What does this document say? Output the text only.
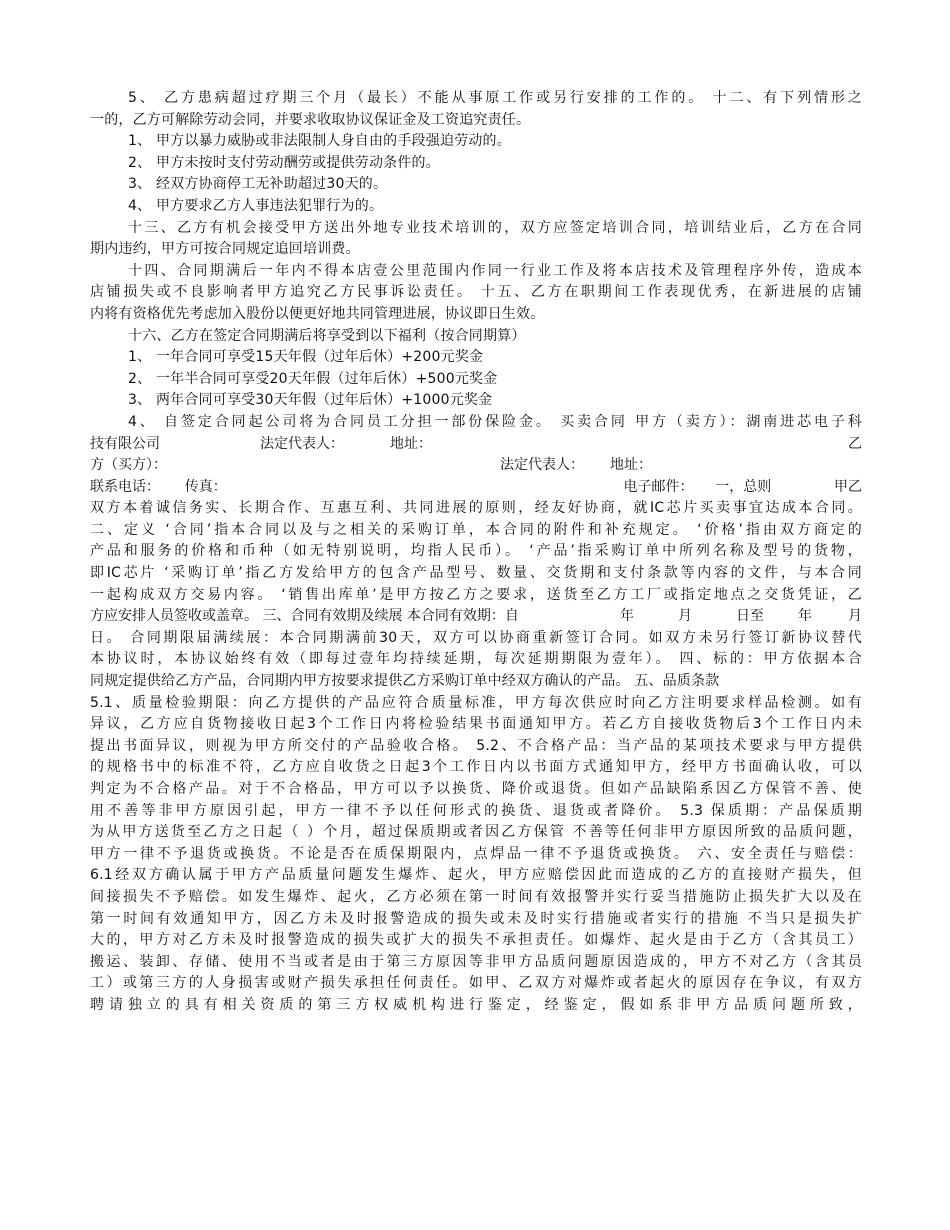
5、 乙方患病超过疗期三个月（最长）不能从事原工作或另行安排的工作的。 十二、有下列情形之
一的，乙方可解除劳动会同，并要求收取协议保证金及工资追究责任。
1、 甲方以暴力威胁或非法限制人身自由的手段强迫劳动的。
2、 甲方未按时支付劳动酬劳或提供劳动条件的。
3、 经双方协商停工无补助超过30天的。
4、 甲方要求乙方人事违法犯罪行为的。
十三、乙方有机会接受甲方送出外地专业技术培训的，双方应签定培训合同，培训结业后，乙方在合同
期内违约，甲方可按合同规定追回培训费。
十四、合同期满后一年内不得本店壹公里范围内作同一行业工作及将本店技术及管理程序外传，造成本
店铺损失或不良影响者甲方追究乙方民事诉讼责任。 十五、乙方在职期间工作表现优秀，在新进展的店铺
内将有资格优先考虑加入股份以便更好地共同管理进展，协议即日生效。
十六、乙方在签定合同期满后将享受到以下福利（按合同期算）
1、 一年合同可享受15天年假（过年后休）+200元奖金
2、 一年半合同可享受20天年假（过年后休）+500元奖金
3、 两年合同可享受30天年假（过年后休）+1000元奖金
4、 自签定合同起公司将为合同员工分担一部份保险金。 买卖合同 甲方（卖方）：湖南进芯电子科
技有限公司	法定代表人：	地址：	乙
方（买方）：	法定代表人：	地址：
联系电话：	传真：	电子邮件：	一，总则	甲乙
双方本着诚信务实、长期合作、互惠互利、共同进展的原则，经友好协商，就IC芯片买卖事宜达成本合同。
二、定义 ‘合同’指本合同以及与之相关的采购订单，本合同的附件和补充规定。 ‘价格’指由双方商定的
产品和服务的价格和币种（如无特别说明，均指人民币）。 ‘产品’指采购订单中所列名称及型号的货物，
即IC芯片 ‘采购订单’指乙方发给甲方的包含产品型号、数量、交货期和支付条款等内容的文件，与本合同
一起构成双方交易内容。 ‘销售出库单’是甲方按乙方之要求，送货至乙方工厂或指定地点之交货凭证，乙
方应安排人员签收或盖章。 三、合同有效期及续展 本合同有效期：自	年	月	日至	年	月
日。 合同期限届满续展：本合同期满前30天，双方可以协商重新签订合同。如双方未另行签订新协议替代
本协议时，本协议始终有效（即每过壹年均持续延期，每次延期期限为壹年）。 四、标的：甲方依据本合
同规定提供给乙方产品，合同期内甲方按要求提供乙方采购订单中经双方确认的产品。 五、品质条款
5.1、质量检验期限：向乙方提供的产品应符合质量标准，甲方每次供应时向乙方注明要求样品检测。如有
异议，乙方应自货物接收日起3个工作日内将检验结果书面通知甲方。若乙方自接收货物后3个工作日内未
提出书面异议，则视为甲方所交付的产品验收合格。 5.2、不合格产品：当产品的某项技术要求与甲方提供
的规格书中的标准不符，乙方应自收货之日起3个工作日内以书面方式通知甲方，经甲方书面确认收，可以
判定为不合格产品。对于不合格品，甲方可以予以换货、降价或退货。但如产品缺陷系因乙方保管不善、使
用不善等非甲方原因引起，甲方一律不予以任何形式的换货、退货或者降价。 5.3 保质期：产品保质期
为从甲方送货至乙方之日起（ ）个月，超过保质期或者因乙方保管 不善等任何非甲方原因所致的品质问题，
甲方一律不予退货或换货。不论是否在质保期限内，点焊品一律不予退货或换货。 六、安全责任与赔偿：
6.1经双方确认属于甲方产品质量问题发生爆炸、起火，甲方应赔偿因此而造成的乙方的直接财产损失，但
间接损失不予赔偿。如发生爆炸、起火，乙方必须在第一时间有效报警并实行妥当措施防止损失扩大以及在
第一时间有效通知甲方，因乙方未及时报警造成的损失或未及时实行措施或者实行的措施 不当只是损失扩
大的，甲方对乙方未及时报警造成的损失或扩大的损失不承担责任。如爆炸、起火是由于乙方（含其员工）
搬运、装卸、存储、使用不当或者是由于第三方原因等非甲方品质问题原因造成的，甲方不对乙方（含其员
工）或第三方的人身损害或财产损失承担任何责任。如甲、乙双方对爆炸或者起火的原因存在争议，有双方
聘请独立的具有相关资质的第三方权威机构进行鉴定，经鉴定，假如系非甲方品质问题所致，
